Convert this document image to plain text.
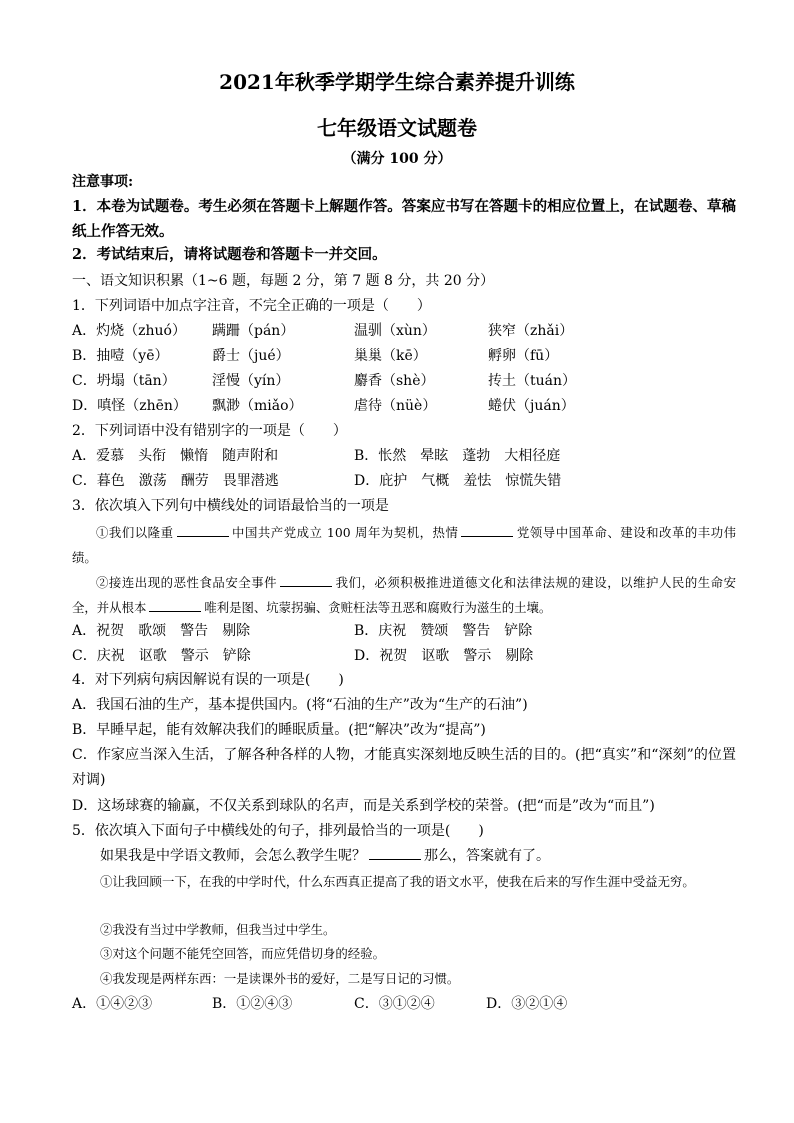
2021年秋季学期学生综合素养提升训练
七年级语文试题卷
（满分 100 分）
注意事项:
1．本卷为试题卷。考生必须在答题卡上解题作答。答案应书写在答题卡的相应位置上，在试题卷、草稿纸上作答无效。
2．考试结束后，请将试题卷和答题卡一并交回。
一、语文知识积累（1~6 题，每题 2 分，第 7 题 8 分，共 20 分）
1．下列词语中加点字注音，不完全正确的一项是（　　）
A．灼烧（zhuó） 蹒跚（pán）	温驯（xùn）	狭窄（zhǎi）
B．抽噎（yē）	爵士（jué）	巢巢（kē）	孵卵（fū）
C．坍塌（tān）	淫慢（yín）	麝香（shè）	抟土（tuán）
D．嗔怪（zhēn） 飘渺（miǎo）	虐待（nüè）	蜷伏（juán）
2．下列词语中没有错别字的一项是（　　）
A．爱慕　头衔　懒惰　随声附和	B．怅然　晕眩　蓬勃　大相径庭
C．暮色　激荡　酬劳　畏罪潜逃	D．庇护　气概　羞怯　惊慌失错
3．依次填入下列句中横线处的词语最恰当的一项是
①我们以隆重	中国共产党成立 100 周年为契机，热情	党领导中国革命、建设和改革的丰功伟绩。
②接连出现的恶性食品安全事件	我们，必须积极推进道德文化和法律法规的建设，以维护人民的生命安全，并从根本	唯利是图、坑蒙拐骗、贪赃枉法等丑恶和腐败行为滋生的土壤。
A．祝贺　歌颂　警告　剔除	B．庆祝　赞颂　警告　铲除
C．庆祝　讴歌　警示　铲除	D．祝贺　讴歌　警示　剔除
4．对下列病句病因解说有误的一项是(　　)
A．我国石油的生产，基本提供国内。(将“石油的生产”改为“生产的石油”)
B．早睡早起，能有效解决我们的睡眠质量。(把“解决”改为“提高”)
C．作家应当深入生活，了解各种各样的人物，才能真实深刻地反映生活的目的。(把“真实”和“深刻”的位置对调)
D．这场球赛的输赢，不仅关系到球队的名声，而是关系到学校的荣誉。(把“而是”改为“而且”)
5．依次填入下面句子中横线处的句子，排列最恰当的一项是(　　)
如果我是中学语文教师，会怎么教学生呢？	那么，答案就有了。
①让我回顾一下，在我的中学时代，什么东西真正提高了我的语文水平，使我在后来的写作生涯中受益无穷。
②我没有当过中学教师，但我当过中学生。
③对这个问题不能凭空回答，而应凭借切身的经验。
④我发现是两样东西：一是读课外书的爱好，二是写日记的习惯。
A．①④②③	B．①②④③	C．③①②④	D．③②①④
